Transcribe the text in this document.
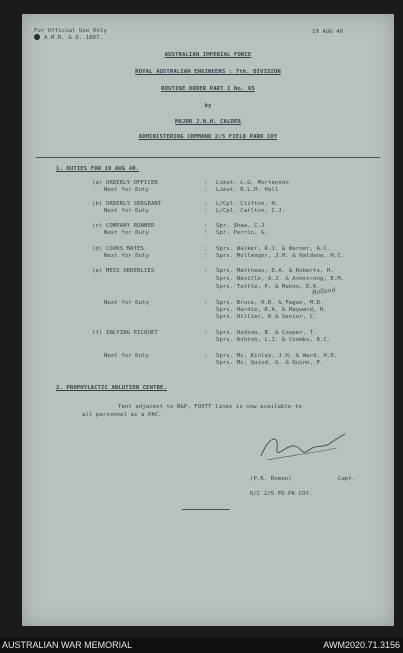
For Official Use Only
A.M.R. & O. 1807.
19 AUG 40
AUSTRALIAN IMPERIAL FORCE
ROYAL AUSTRALIAN ENGINEERS : 7th. DIVISION
ROUTINE ORDER PART I No. 65
by
MAJOR J.N.H. CALDER
ADMINISTERING COMMAND 2/5 FIELD PARK COY
1. DUTIES FOR 19 AUG 40.
(a) ORDERLY OFFICER	: Lieut. L.G. Mortenson
Next for Duty	: Lieut. R.L.H. Hall
(b) ORDERLY SERGEANT	: L/Cpl. Clifton, H.
Next for Duty	: L/Cpl. Carlton, C.J.
(c) COMPANY RUNNER	: Spr. Shaw, C.J.
Next for Duty	: Spr. Perrin, G.
(d) COOKS MATES	: Sprs. Walker, R.J. & Warner, A.C.
Next for Duty	: Sprs. Mullenger, J.H. & Haldane, H.C.
(e) MESS ORDERLIES	: Sprs. Matthews, D.A. & Roberts, H.
Sprs. Neville, A.J. & Armstrong, E.M.
Sprs. Tuttle, P. & Mahon, D.K.
Next for Duty	: Sprs. Bruce, H.R. & Fagan, M.D.
Sprs. Hardie, R.A. & Hayward, H.
Sprs. Hillier, R & Senior, C.
(f) INLYING PICQUET	: Sprs. Hudson, B. & Cooper, T.
Sprs. Ashton, L.J. & Coombs, R.C.
Next for Duty	: Sprs. Mc. Kinley, J.H. & Ward, H.D.
Sprs. Mc. Quiod, G. & Quinn, P.
Balland
2. PROPHYLACTIC ABLUTION CENTRE.
Tent adjacent to R&P, FOOTT lines is now available to
all personnel as a PAC.
(P.R. Roman)	Capt.
O/C 2/5 FD PK COY.
AUSTRALIAN WAR MEMORIAL	AWM2020.71.3156
